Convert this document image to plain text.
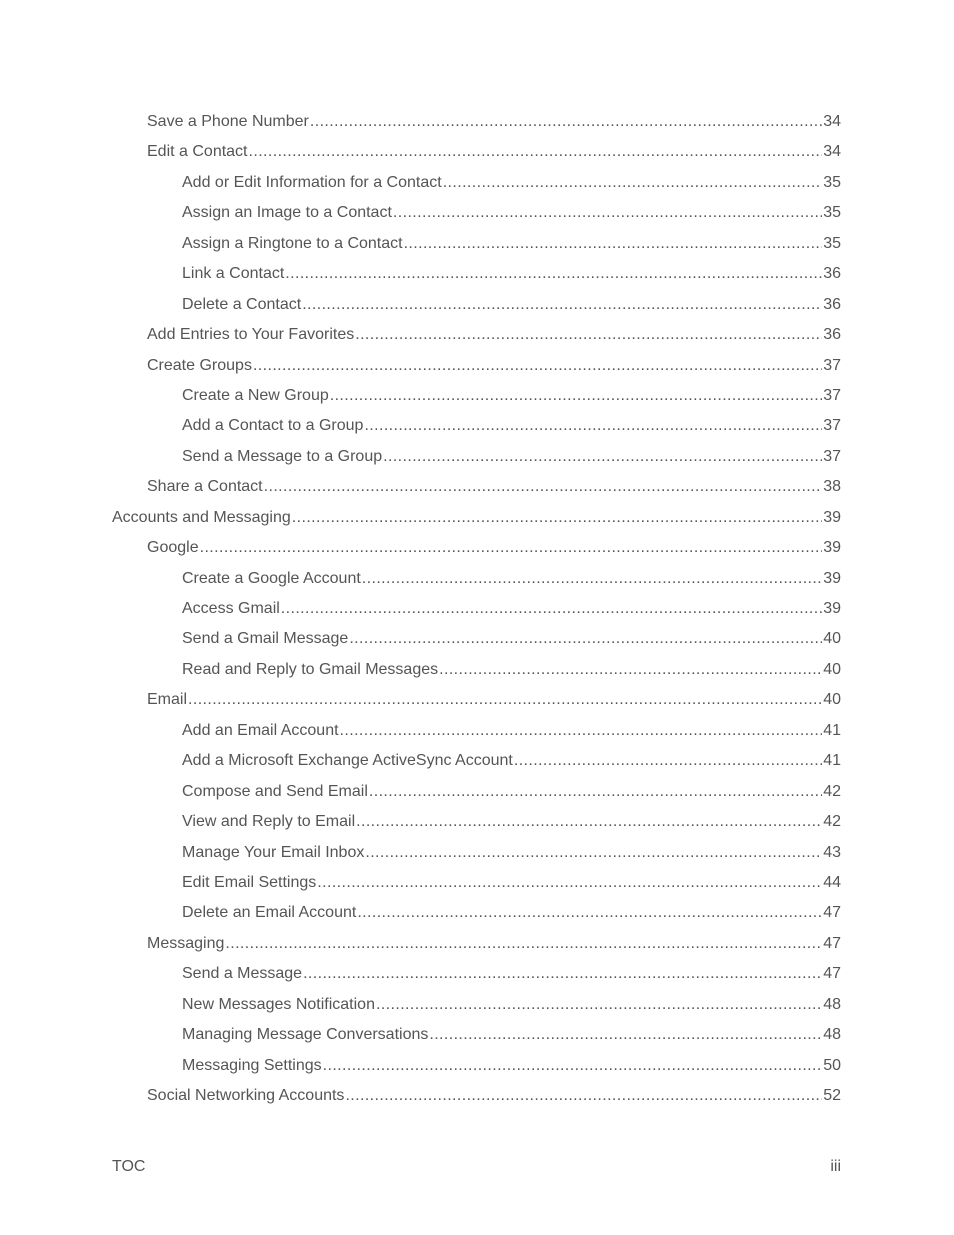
Save a Phone Number .....	34
Edit a Contact .....	34
Add or Edit Information for a Contact .....	35
Assign an Image to a Contact .....	35
Assign a Ringtone to a Contact .....	35
Link a Contact .....	36
Delete a Contact .....	36
Add Entries to Your Favorites .....	36
Create Groups .....	37
Create a New Group .....	37
Add a Contact to a Group .....	37
Send a Message to a Group .....	37
Share a Contact .....	38
Accounts and Messaging .....	39
Google .....	39
Create a Google Account .....	39
Access Gmail .....	39
Send a Gmail Message .....	40
Read and Reply to Gmail Messages .....	40
Email .....	40
Add an Email Account .....	41
Add a Microsoft Exchange ActiveSync Account .....	41
Compose and Send Email .....	42
View and Reply to Email .....	42
Manage Your Email Inbox .....	43
Edit Email Settings .....	44
Delete an Email Account .....	47
Messaging .....	47
Send a Message .....	47
New Messages Notification .....	48
Managing Message Conversations .....	48
Messaging Settings .....	50
Social Networking Accounts .....	52
TOC	iii
